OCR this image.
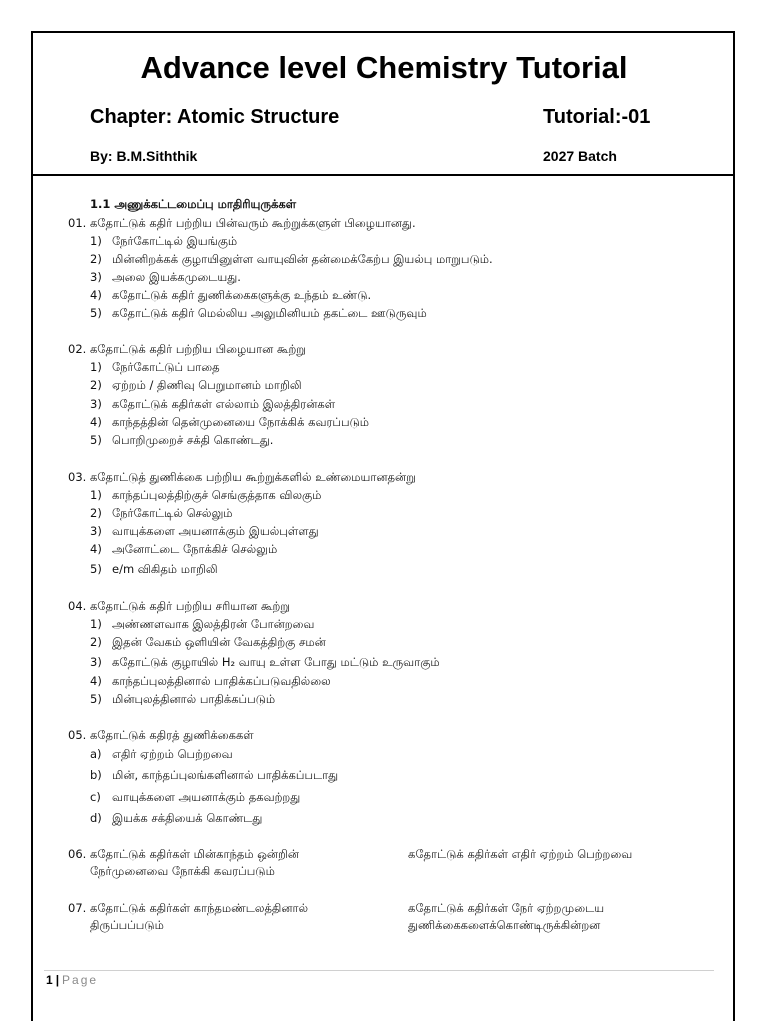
Advance level Chemistry Tutorial
Chapter: Atomic Structure	Tutorial:-01
By: B.M.Siththik	2027 Batch
1.1 அணுக்கட்டமைப்பு மாதிரியுருக்கள்
01. கதோட்டுக் கதிர் பற்றிய பின்வரும் கூற்றுக்களுள் பிழையானது.
1) நேர்கோட்டில் இயங்கும்
2) மின்னிறக்கக் குழாயினுள்ள வாயுவின் தன்மைக்கேற்ப இயல்பு மாறுபடும்.
3) அலை இயக்கமுடையது.
4) கதோட்டுக் கதிர் துணிக்கைகளுக்கு உந்தம் உண்டு.
5) கதோட்டுக் கதிர் மெல்லிய அலுமினியம் தகட்டை ஊடுருவும்
02. கதோட்டுக் கதிர் பற்றிய பிழையான கூற்று
1) நேர்கோட்டுப் பாதை
2) ஏற்றம் / திணிவு பெறுமானம் மாறிலி
3) கதோட்டுக் கதிர்கள் எல்லாம் இலத்திரன்கள்
4) காந்தத்தின் தென்முனையை நோக்கிக் கவரப்படும்
5) பொறிமுறைச் சக்தி கொண்டது.
03. கதோட்டுத் துணிக்கை பற்றிய கூற்றுக்களில் உண்மையானதன்று
1) காந்தப்புலத்திற்குச் செங்குத்தாக விலகும்
2) நேர்கோட்டில் செல்லும்
3) வாயுக்களை அயனாக்கும் இயல்புள்ளது
4) அனோட்டை நோக்கிச் செல்லும்
5) e/m விகிதம் மாறிலி
04. கதோட்டுக் கதிர் பற்றிய சரியான கூற்று
1) அண்ணளவாக இலத்திரன் போன்றவை
2) இதன் வேகம் ஒளியின் வேகத்திற்கு சமன்
3) கதோட்டுக் குழாயில் H₂ வாயு உள்ள போது மட்டும் உருவாகும்
4) காந்தப்புலத்தினால் பாதிக்கப்படுவதில்லை
5) மின்புலத்தினால் பாதிக்கப்படும்
05. கதோட்டுக் கதிரத் துணிக்கைகள்
a) எதிர் ஏற்றம் பெற்றவை
b) மின், காந்தப்புலங்களினால் பாதிக்கப்படாது
c) வாயுக்களை அயனாக்கும் தகவற்றது
d) இயக்க சக்தியைக் கொண்டது
06. கதோட்டுக் கதிர்கள் மின்காந்தம் ஒன்றின்
நேர்முனைவை நோக்கி கவரப்படும்
கதோட்டுக் கதிர்கள் எதிர் ஏற்றம் பெற்றவை
07. கதோட்டுக் கதிர்கள் காந்தமண்டலத்தினால்
திருப்பப்படும்
கதோட்டுக் கதிர்கள் நேர் ஏற்றமுடைய
துணிக்கைகளைக்கொண்டிருக்கின்றன
1 | Page
